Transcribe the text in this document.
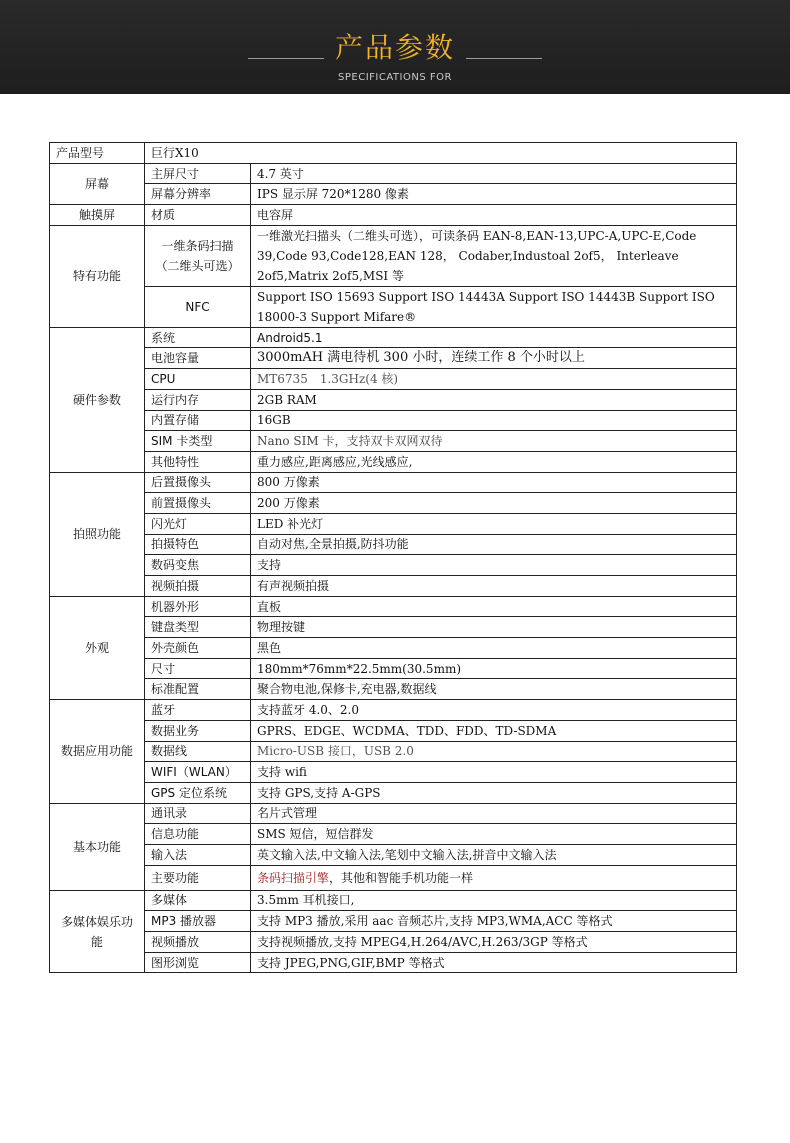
产品参数
SPECIFICATIONS FOR
产品型号	巨行X10	
屏幕	主屏尺寸	4.7 英寸
	屏幕分辨率	IPS 显示屏 720*1280 像素
触摸屏	材质	电容屏
特有功能	一维条码扫描（二维头可选）	一维激光扫描头（二维头可选），可读条码 EAN-8,EAN-13,UPC-A,UPC-E,Code 39,Code 93,Code128,EAN 128， Codaber,Industoal 2of5， Interleave 2of5,Matrix 2of5,MSI 等
	NFC	Support ISO 15693 Support ISO 14443A Support ISO 14443B Support ISO 18000-3 Support Mifare®
硬件参数	系统	Android5.1
	电池容量	3000mAH 满电待机 300 小时，连续工作 8 个小时以上
	CPU	MT6735　1.3GHz(4 核)
	运行内存	2GB RAM
	内置存储	16GB
	SIM 卡类型	Nano SIM 卡，支持双卡双网双待
	其他特性	重力感应,距离感应,光线感应,
拍照功能	后置摄像头	800 万像素
	前置摄像头	200 万像素
	闪光灯	LED 补光灯
	拍摄特色	自动对焦,全景拍摄,防抖功能
	数码变焦	支持
	视频拍摄	有声视频拍摄
外观	机器外形	直板
	键盘类型	物理按键
	外壳颜色	黑色
	尺寸	180mm*76mm*22.5mm(30.5mm)
	标准配置	聚合物电池,保修卡,充电器,数据线
数据应用功能	蓝牙	支持蓝牙 4.0、2.0
	数据业务	GPRS、EDGE、WCDMA、TDD、FDD、TD-SDMA
	数据线	Micro-USB 接口，USB 2.0
	WIFI（WLAN）	支持 wifi
	GPS 定位系统	支持 GPS,支持 A-GPS
基本功能	通讯录	名片式管理
	信息功能	SMS 短信，短信群发
	输入法	英文输入法,中文输入法,笔划中文输入法,拼音中文输入法
	主要功能	条码扫描引擎，其他和智能手机功能一样
多媒体娱乐功能	多媒体	3.5mm 耳机接口,
	MP3 播放器	支持 MP3 播放,采用 aac 音频芯片,支持 MP3,WMA,ACC 等格式
	视频播放	支持视频播放,支持 MPEG4,H.264/AVC,H.263/3GP 等格式
	图形浏览	支持 JPEG,PNG,GIF,BMP 等格式
